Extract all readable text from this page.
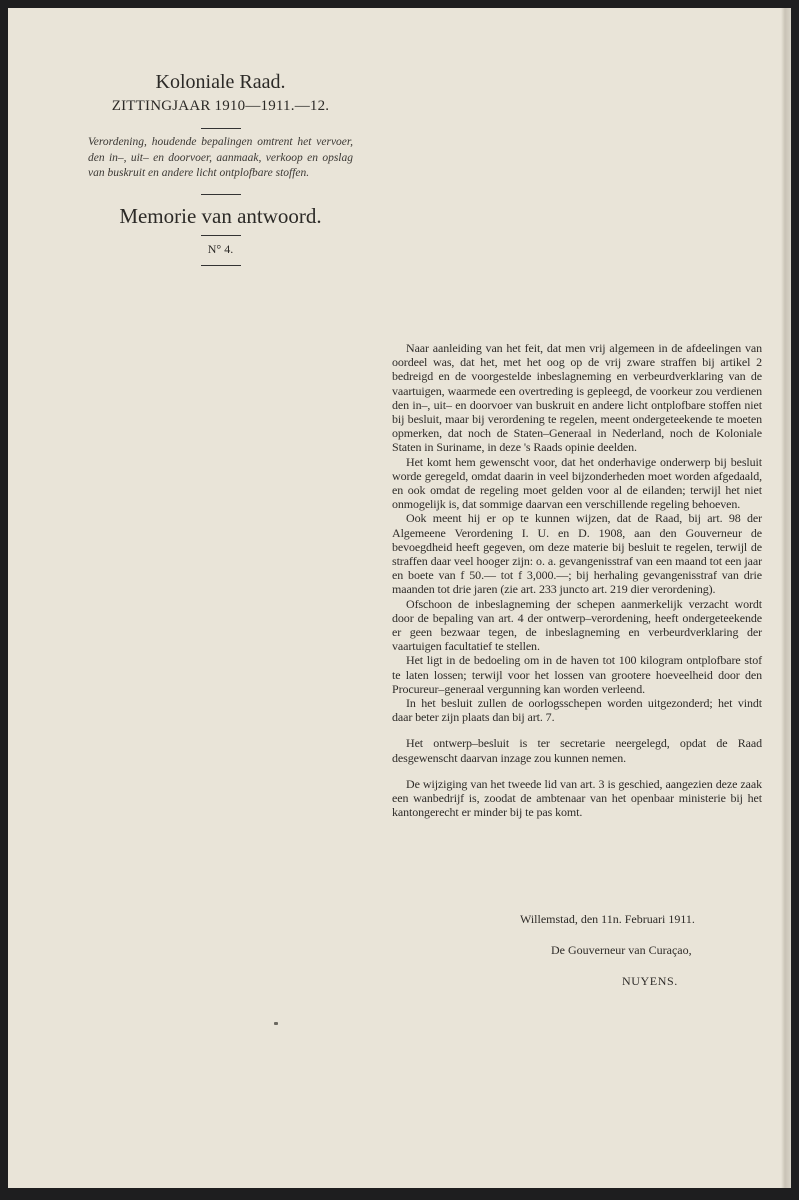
Koloniale Raad.
ZITTINGJAAR 1910—1911.—12.

Verordening, houdende bepalingen omtrent het vervoer, den in–, uit– en doorvoer, aanmaak, verkoop en opslag van buskruit en andere licht ontplofbare stoffen.

Memorie van antwoord.
N° 4.

Naar aanleiding van het feit, dat men vrij algemeen in de afdeelingen van oordeel was, dat het, met het oog op de vrij zware straffen bij artikel 2 bedreigd en de voorgestelde inbeslagneming en verbeurdverklaring van de vaartuigen, waarmede een overtreding is gepleegd, de voorkeur zou verdienen den in–, uit– en doorvoer van buskruit en andere licht ontplofbare stoffen niet bij besluit, maar bij verordening te regelen, meent ondergeteekende te moeten opmerken, dat noch de Staten–Generaal in Nederland, noch de Koloniale Staten in Suriname, in deze 's Raads opinie deelden.

Het komt hem gewenscht voor, dat het onderhavige onderwerp bij besluit worde geregeld, omdat daarin in veel bijzonderheden moet worden afgedaald, en ook omdat de regeling moet gelden voor al de eilanden; terwijl het niet onmogelijk is, dat sommige daarvan een verschillende regeling behoeven.

Ook meent hij er op te kunnen wijzen, dat de Raad, bij art. 98 der Algemeene Verordening I. U. en D. 1908, aan den Gouverneur de bevoegdheid heeft gegeven, om deze materie bij besluit te regelen, terwijl de straffen daar veel hooger zijn: o. a. gevangenisstraf van een maand tot een jaar en boete van f 50.— tot f 3,000.—; bij herhaling gevangenisstraf van drie maanden tot drie jaren (zie art. 233 juncto art. 219 dier verordening).

Ofschoon de inbeslagneming der schepen aanmerkelijk verzacht wordt door de bepaling van art. 4 der ontwerp–verordening, heeft ondergeteekende er geen bezwaar tegen, de inbeslagneming en verbeurdverklaring der vaartuigen facultatief te stellen.

Het ligt in de bedoeling om in de haven tot 100 kilogram ontplofbare stof te laten lossen; terwijl voor het lossen van grootere hoeveelheid door den Procureur–generaal vergunning kan worden verleend.

In het besluit zullen de oorlogsschepen worden uitgezonderd; het vindt daar beter zijn plaats dan bij art. 7.

Het ontwerp–besluit is ter secretarie neergelegd, opdat de Raad desgewenscht daarvan inzage zou kunnen nemen.

De wijziging van het tweede lid van art. 3 is geschied, aangezien deze zaak een wanbedrijf is, zoodat de ambtenaar van het openbaar ministerie bij het kantongerecht er minder bij te pas komt.

Willemstad, den 11n. Februari 1911.
De Gouverneur van Curaçao,
NUYENS.
